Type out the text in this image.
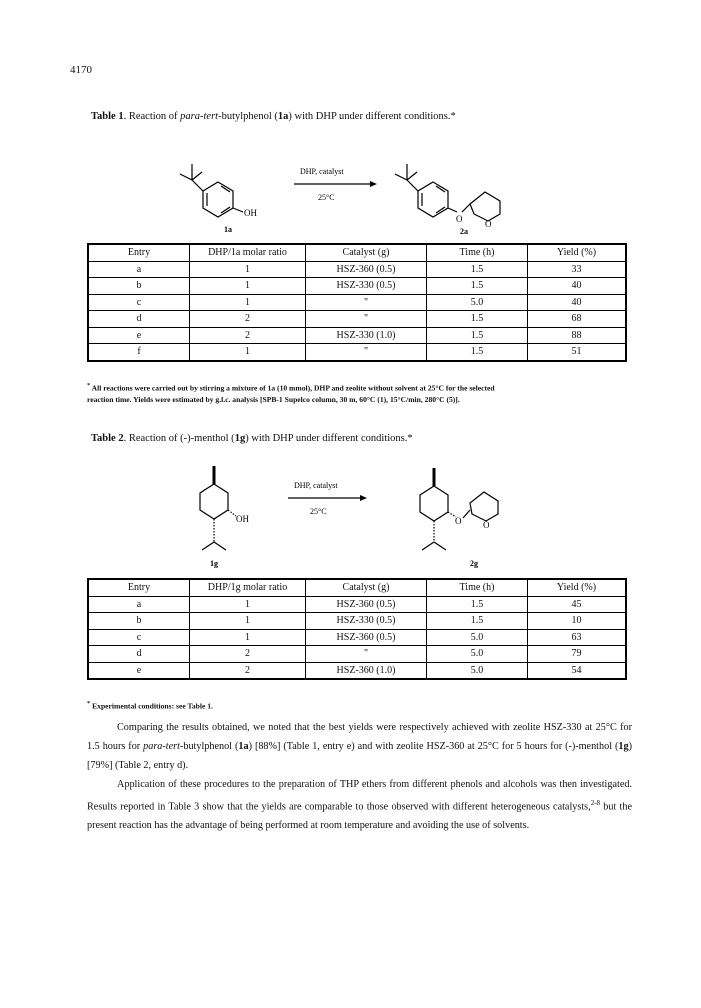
4170
Table 1. Reaction of para-tert-butylphenol (1a) with DHP under different conditions.*
OH
1a
DHP, catalyst
25°C
O	O
2a
Entry	DHP/1a molar ratio	Catalyst (g)	Time (h)	Yield (%)
a	1	HSZ-360 (0.5)	1.5	33
b	1	HSZ-330 (0.5)	1.5	40
c	1	"	5.0	40
d	2	"	1.5	68
e	2	HSZ-330 (1.0)	1.5	88
f	1	"	1.5	51
* All reactions were carried out by stirring a mixture of 1a (10 mmol), DHP and zeolite without solvent at 25°C for the selected
reaction time. Yields were estimated by g.l.c. analysis [SPB-1 Supelco column, 30 m, 60°C (1), 15°C/min, 280°C (5)].
Table 2. Reaction of (-)-menthol (1g) with DHP under different conditions.*
OH
1g
DHP, catalyst
25°C
O O
2g
Entry	DHP/1g molar ratio	Catalyst (g)	Time (h)	Yield (%)
a	1	HSZ-360 (0.5)	1.5	45
b	1	HSZ-330 (0.5)	1.5	10
c	1	HSZ-360 (0.5)	5.0	63
d	2	"	5.0	79
e	2	HSZ-360 (1.0)	5.0	54
* Experimental conditions: see Table 1.
Comparing the results obtained, we noted that the best yields were respectively achieved with zeolite HSZ-330 at 25°C for 1.5 hours for para-tert-butylphenol (1a) [88%] (Table 1, entry e) and with zeolite HSZ-360 at 25°C for 5 hours for (-)-menthol (1g) [79%] (Table 2, entry d).
Application of these procedures to the preparation of THP ethers from different phenols and alcohols was then investigated. Results reported in Table 3 show that the yields are comparable to those observed with different heterogeneous catalysts,$^{2-8}$ but the present reaction has the advantage of being performed at room temperature and avoiding the use of solvents.
